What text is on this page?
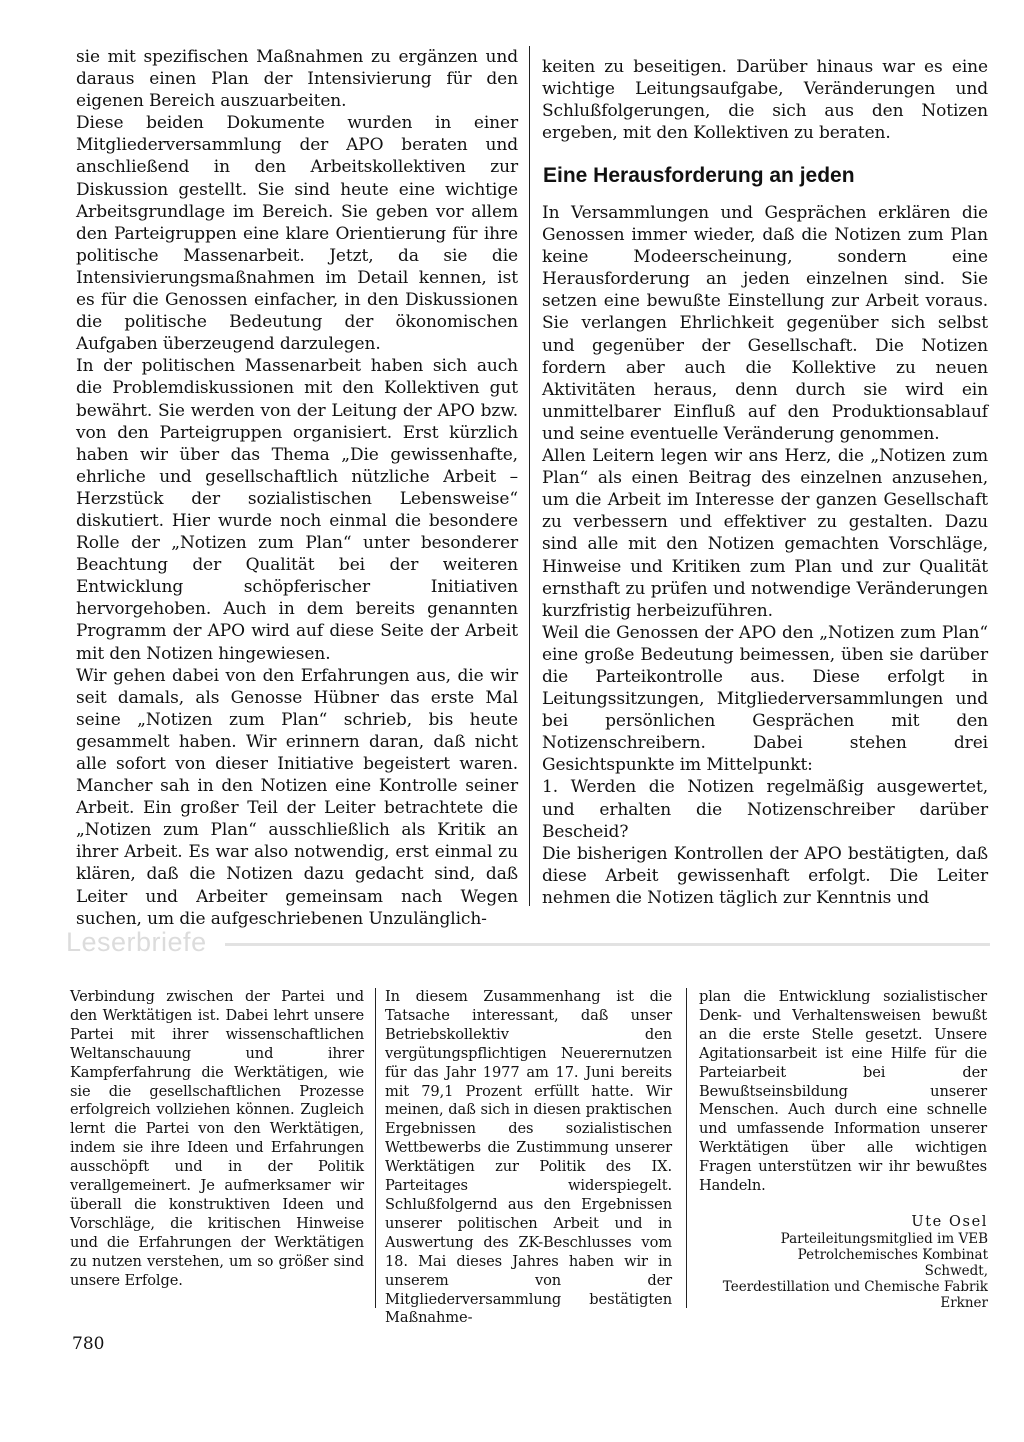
sie mit spezifischen Maßnahmen zu ergänzen und daraus einen Plan der Intensivierung für den eigenen Bereich auszuarbeiten.

Diese beiden Dokumente wurden in einer Mitgliederversammlung der APO beraten und anschließend in den Arbeitskollektiven zur Diskussion gestellt. Sie sind heute eine wichtige Arbeitsgrundlage im Bereich. Sie geben vor allem den Parteigruppen eine klare Orientierung für ihre politische Massenarbeit. Jetzt, da sie die Intensivierungsmaßnahmen im Detail kennen, ist es für die Genossen einfacher, in den Diskussionen die politische Bedeutung der ökonomischen Aufgaben überzeugend darzulegen.

In der politischen Massenarbeit haben sich auch die Problemdiskussionen mit den Kollektiven gut bewährt. Sie werden von der Leitung der APO bzw. von den Parteigruppen organisiert. Erst kürzlich haben wir über das Thema „Die gewissenhafte, ehrliche und gesellschaftlich nützliche Arbeit – Herzstück der sozialistischen Lebensweise“ diskutiert. Hier wurde noch einmal die besondere Rolle der „Notizen zum Plan“ unter besonderer Beachtung der Qualität bei der weiteren Entwicklung schöpferischer Initiativen hervorgehoben. Auch in dem bereits genannten Programm der APO wird auf diese Seite der Arbeit mit den Notizen hingewiesen.

Wir gehen dabei von den Erfahrungen aus, die wir seit damals, als Genosse Hübner das erste Mal seine „Notizen zum Plan“ schrieb, bis heute gesammelt haben. Wir erinnern daran, daß nicht alle sofort von dieser Initiative begeistert waren. Mancher sah in den Notizen eine Kontrolle seiner Arbeit. Ein großer Teil der Leiter betrachtete die „Notizen zum Plan“ ausschließlich als Kritik an ihrer Arbeit. Es war also notwendig, erst einmal zu klären, daß die Notizen dazu gedacht sind, daß Leiter und Arbeiter gemeinsam nach Wegen suchen, um die aufgeschriebenen Unzulänglich-

keiten zu beseitigen. Darüber hinaus war es eine wichtige Leitungsaufgabe, Veränderungen und Schlußfolgerungen, die sich aus den Notizen ergeben, mit den Kollektiven zu beraten.

Eine Herausforderung an jeden

In Versammlungen und Gesprächen erklären die Genossen immer wieder, daß die Notizen zum Plan keine Modeerscheinung, sondern eine Herausforderung an jeden einzelnen sind. Sie setzen eine bewußte Einstellung zur Arbeit voraus. Sie verlangen Ehrlichkeit gegenüber sich selbst und gegenüber der Gesellschaft. Die Notizen fordern aber auch die Kollektive zu neuen Aktivitäten heraus, denn durch sie wird ein unmittelbarer Einfluß auf den Produktionsablauf und seine eventuelle Veränderung genommen.

Allen Leitern legen wir ans Herz, die „Notizen zum Plan“ als einen Beitrag des einzelnen anzusehen, um die Arbeit im Interesse der ganzen Gesellschaft zu verbessern und effektiver zu gestalten. Dazu sind alle mit den Notizen gemachten Vorschläge, Hinweise und Kritiken zum Plan und zur Qualität ernsthaft zu prüfen und notwendige Veränderungen kurzfristig herbeizuführen.

Weil die Genossen der APO den „Notizen zum Plan“ eine große Bedeutung beimessen, üben sie darüber die Parteikontrolle aus. Diese erfolgt in Leitungssitzungen, Mitgliederversammlungen und bei persönlichen Gesprächen mit den Notizenschreibern. Dabei stehen drei Gesichtspunkte im Mittelpunkt:

1. Werden die Notizen regelmäßig ausgewertet, und erhalten die Notizenschreiber darüber Bescheid?

Die bisherigen Kontrollen der APO bestätigten, daß diese Arbeit gewissenhaft erfolgt. Die Leiter nehmen die Notizen täglich zur Kenntnis und

Leserbriefe

Verbindung zwischen der Partei und den Werktätigen ist. Dabei lehrt unsere Partei mit ihrer wissenschaftlichen Weltanschauung und ihrer Kampferfahrung die Werktätigen, wie sie die gesellschaftlichen Prozesse erfolgreich vollziehen können. Zugleich lernt die Partei von den Werktätigen, indem sie ihre Ideen und Erfahrungen ausschöpft und in der Politik verallgemeinert. Je aufmerksamer wir überall die konstruktiven Ideen und Vorschläge, die kritischen Hinweise und die Erfahrungen der Werktätigen zu nutzen verstehen, um so größer sind unsere Erfolge.

In diesem Zusammenhang ist die Tatsache interessant, daß unser Betriebskollektiv den vergütungspflichtigen Neuerernutzen für das Jahr 1977 am 17. Juni bereits mit 79,1 Prozent erfüllt hatte. Wir meinen, daß sich in diesen praktischen Ergebnissen des sozialistischen Wettbewerbs die Zustimmung unserer Werktätigen zur Politik des IX. Parteitages widerspiegelt. Schlußfolgernd aus den Ergebnissen unserer politischen Arbeit und in Auswertung des ZK-Beschlusses vom 18. Mai dieses Jahres haben wir in unserem von der Mitgliederversammlung bestätigten Maßnahme-

plan die Entwicklung sozialistischer Denk- und Verhaltensweisen bewußt an die erste Stelle gesetzt. Unsere Agitationsarbeit ist eine Hilfe für die Parteiarbeit bei der Bewußtseinsbildung unserer Menschen. Auch durch eine schnelle und umfassende Information unserer Werktätigen über alle wichtigen Fragen unterstützen wir ihr bewußtes Handeln.

Ute Osel
Parteileitungsmitglied im VEB
Petrolchemisches Kombinat
Schwedt,
Teerdestillation und Chemische Fabrik
Erkner
780
